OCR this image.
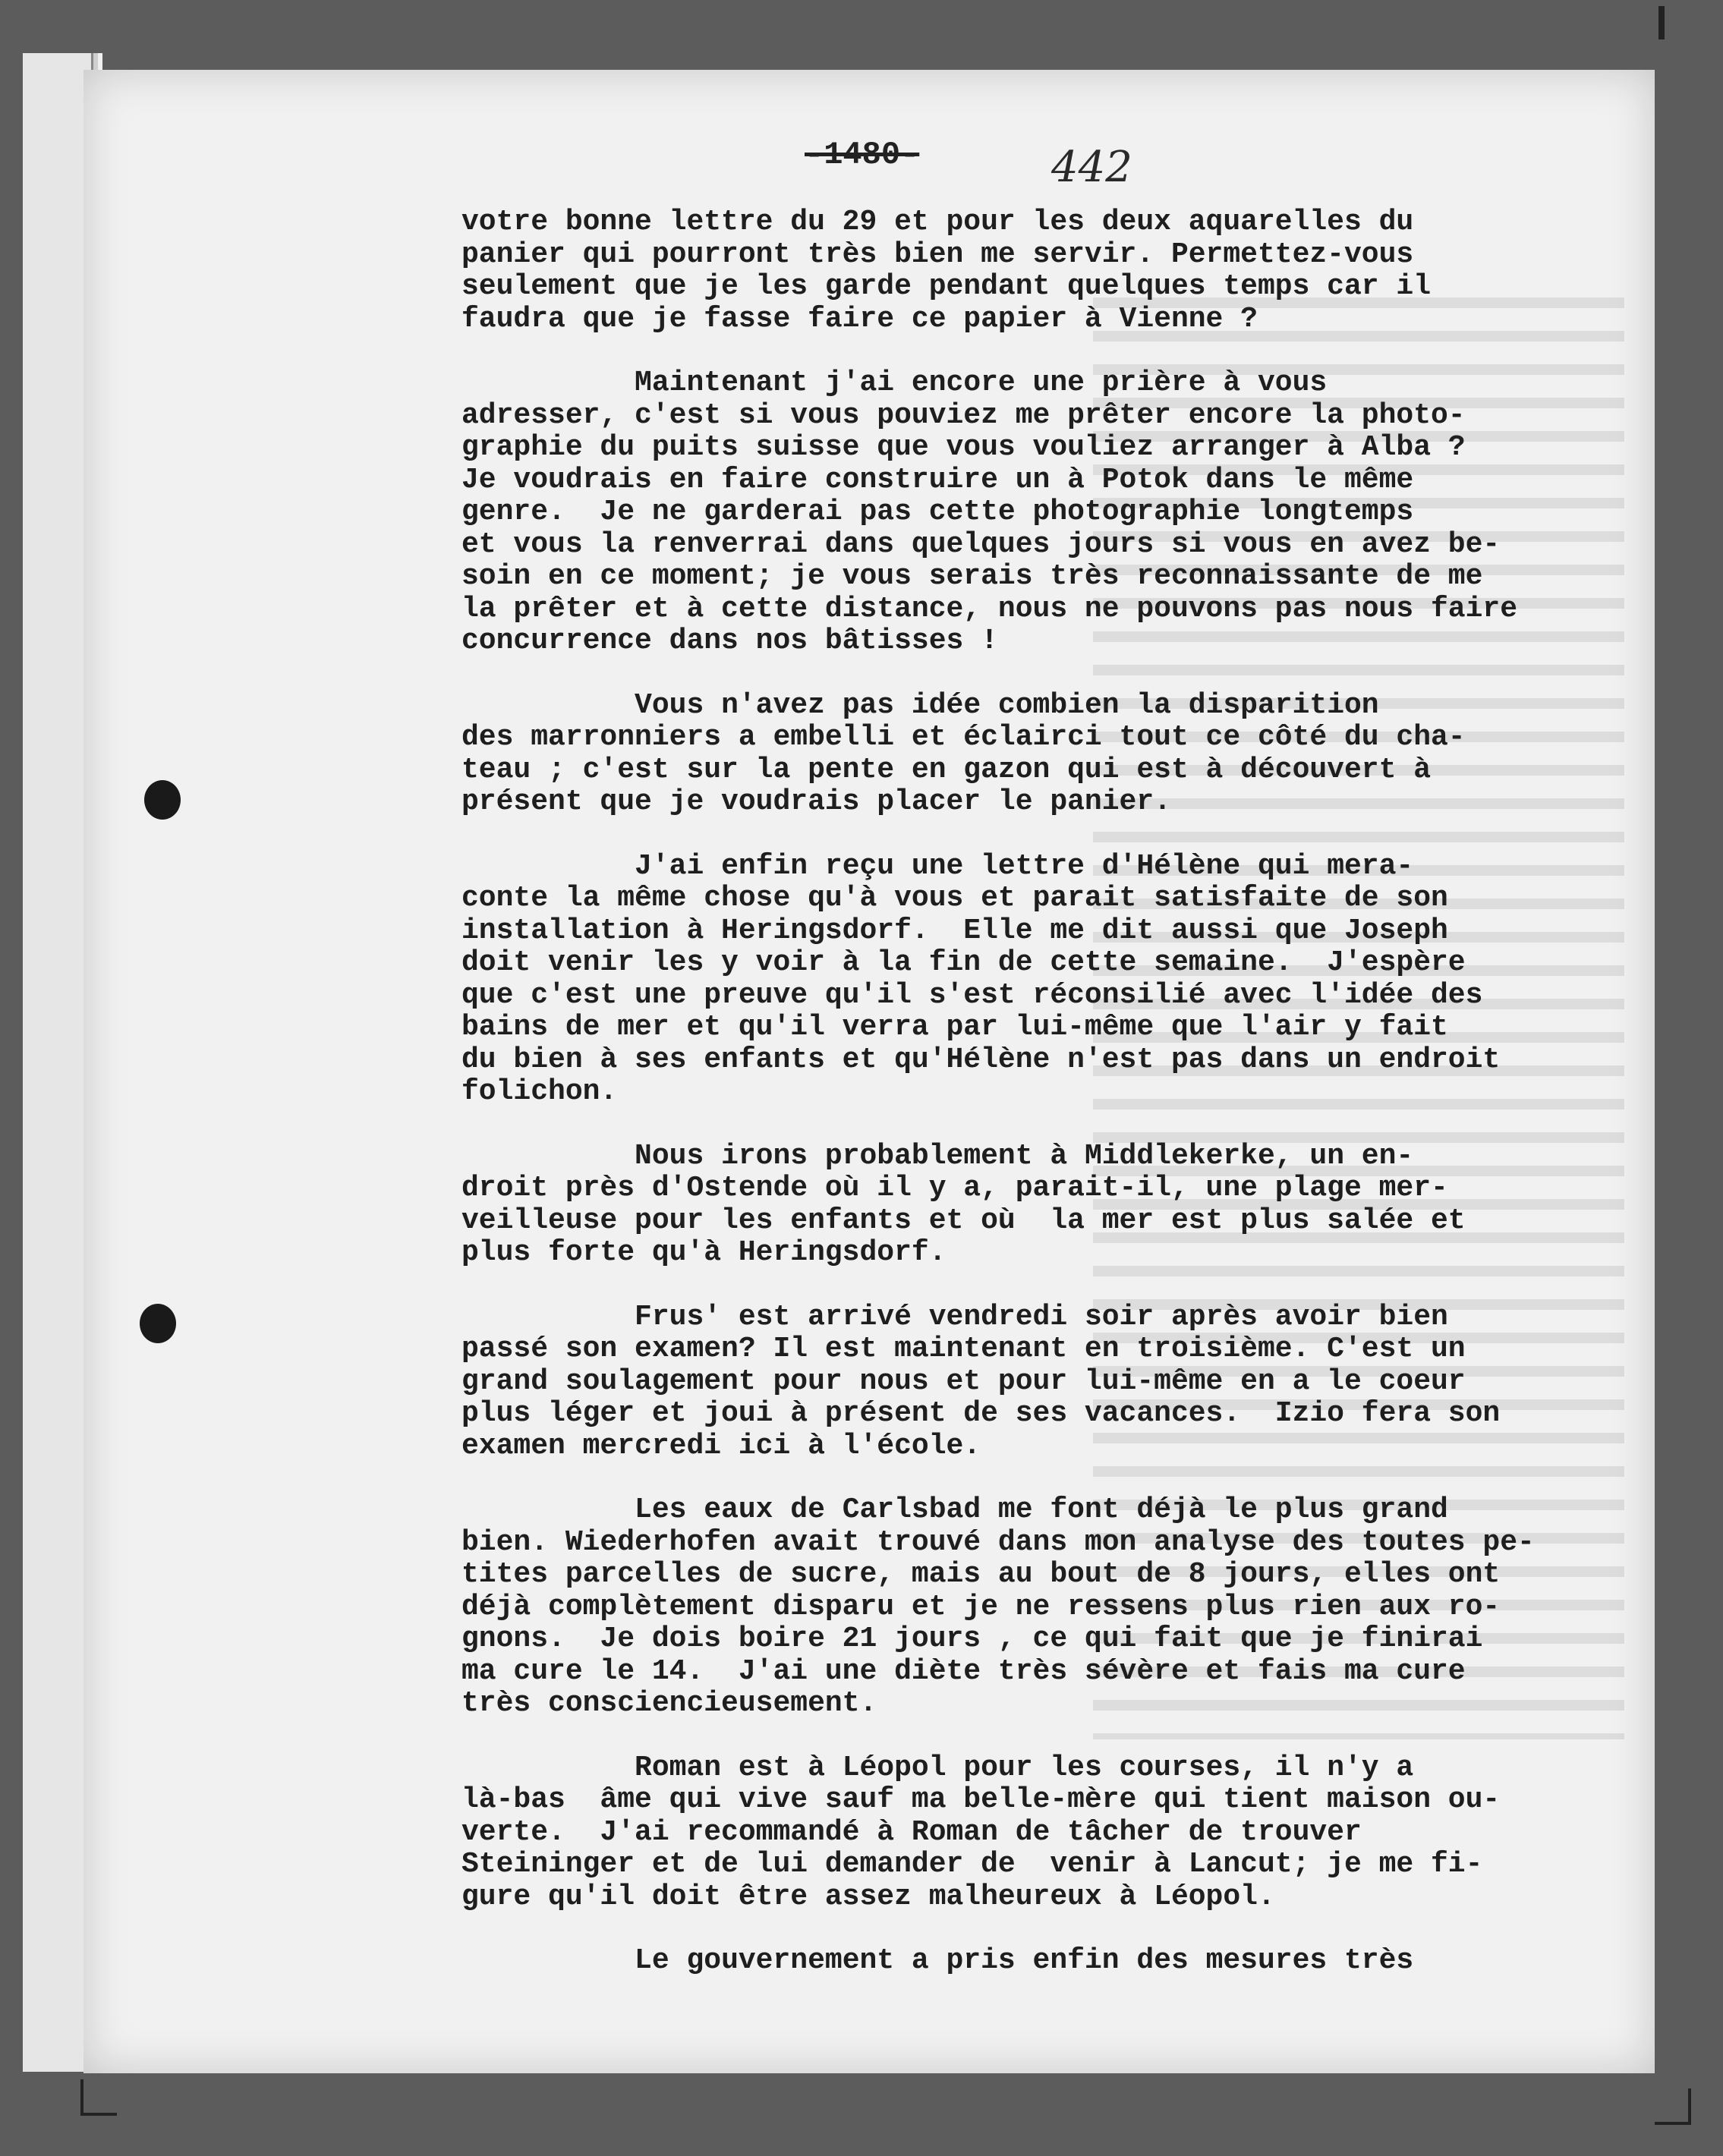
-1480-	442

votre bonne lettre du 29 et pour les deux aquarelles du
panier qui pourront très bien me servir. Permettez-vous
seulement que je les garde pendant quelques temps car il
faudra que je fasse faire ce papier à Vienne ?

Maintenant j'ai encore une prière à vous
adresser, c'est si vous pouviez me prêter encore la photo-
graphie du puits suisse que vous vouliez arranger à Alba ?
Je voudrais en faire construire un à Potok dans le même
genre.  Je ne garderai pas cette photographie longtemps
et vous la renverrai dans quelques jours si vous en avez be-
soin en ce moment; je vous serais très reconnaissante de me
la prêter et à cette distance, nous ne pouvons pas nous faire
concurrence dans nos bâtisses !

Vous n'avez pas idée combien la disparition
des marronniers a embelli et éclairci tout ce côté du cha-
teau ; c'est sur la pente en gazon qui est à découvert à
présent que je voudrais placer le panier.

J'ai enfin reçu une lettre d'Hélène qui mera-
conte la même chose qu'à vous et parait satisfaite de son
installation à Heringsdorf.  Elle me dit aussi que Joseph
doit venir les y voir à la fin de cette semaine.  J'espère
que c'est une preuve qu'il s'est réconsilié avec l'idée des
bains de mer et qu'il verra par lui-même que l'air y fait
du bien à ses enfants et qu'Hélène n'est pas dans un endroit
folichon.

Nous irons probablement à Middlekerke, un en-
droit près d'Ostende où il y a, parait-il, une plage mer-
veilleuse pour les enfants et où  la mer est plus salée et
plus forte qu'à Heringsdorf.

Frus' est arrivé vendredi soir après avoir bien
passé son examen? Il est maintenant en troisième. C'est un
grand soulagement pour nous et pour lui-même en a le coeur
plus léger et joui à présent de ses vacances.  Izio fera son
examen mercredi ici à l'école.

Les eaux de Carlsbad me font déjà le plus grand
bien. Wiederhofen avait trouvé dans mon analyse des toutes pe-
tites parcelles de sucre, mais au bout de 8 jours, elles ont
déjà complètement disparu et je ne ressens plus rien aux ro-
gnons.  Je dois boire 21 jours , ce qui fait que je finirai
ma cure le 14.  J'ai une diète très sévère et fais ma cure
très consciencieusement.

Roman est à Léopol pour les courses, il n'y a
là-bas  âme qui vive sauf ma belle-mère qui tient maison ou-
verte.  J'ai recommandé à Roman de tâcher de trouver
Steininger et de lui demander de  venir à Lancut; je me fi-
gure qu'il doit être assez malheureux à Léopol.

Le gouvernement a pris enfin des mesures très
